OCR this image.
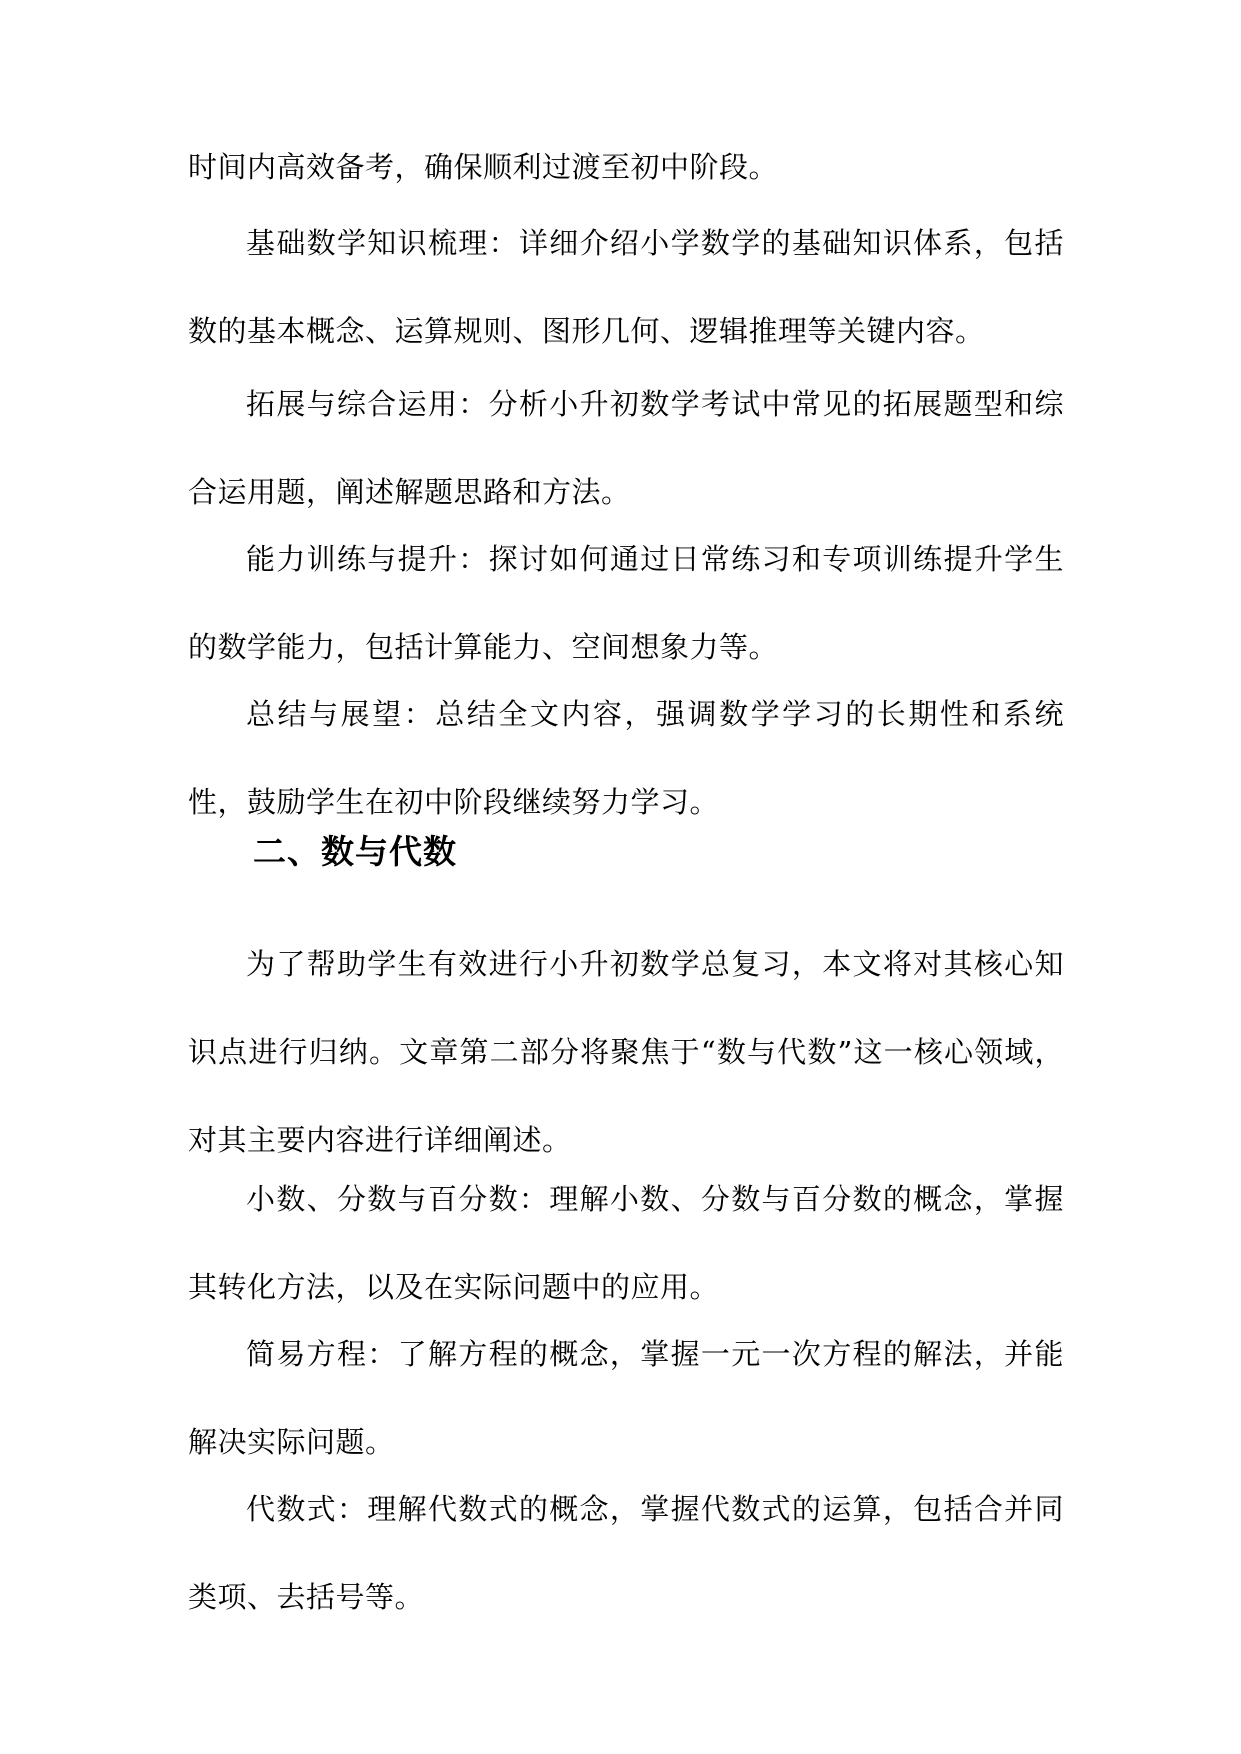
时间内高效备考，确保顺利过渡至初中阶段。

基础数学知识梳理：详细介绍小学数学的基础知识体系，包括数的基本概念、运算规则、图形几何、逻辑推理等关键内容。

拓展与综合运用：分析小升初数学考试中常见的拓展题型和综合运用题，阐述解题思路和方法。

能力训练与提升：探讨如何通过日常练习和专项训练提升学生的数学能力，包括计算能力、空间想象力等。

总结与展望：总结全文内容，强调数学学习的长期性和系统性，鼓励学生在初中阶段继续努力学习。

二、数与代数

为了帮助学生有效进行小升初数学总复习，本文将对其核心知识点进行归纳。文章第二部分将聚焦于“数与代数”这一核心领域，对其主要内容进行详细阐述。

小数、分数与百分数：理解小数、分数与百分数的概念，掌握其转化方法，以及在实际问题中的应用。

简易方程：了解方程的概念，掌握一元一次方程的解法，并能解决实际问题。

代数式：理解代数式的概念，掌握代数式的运算，包括合并同类项、去括号等。
